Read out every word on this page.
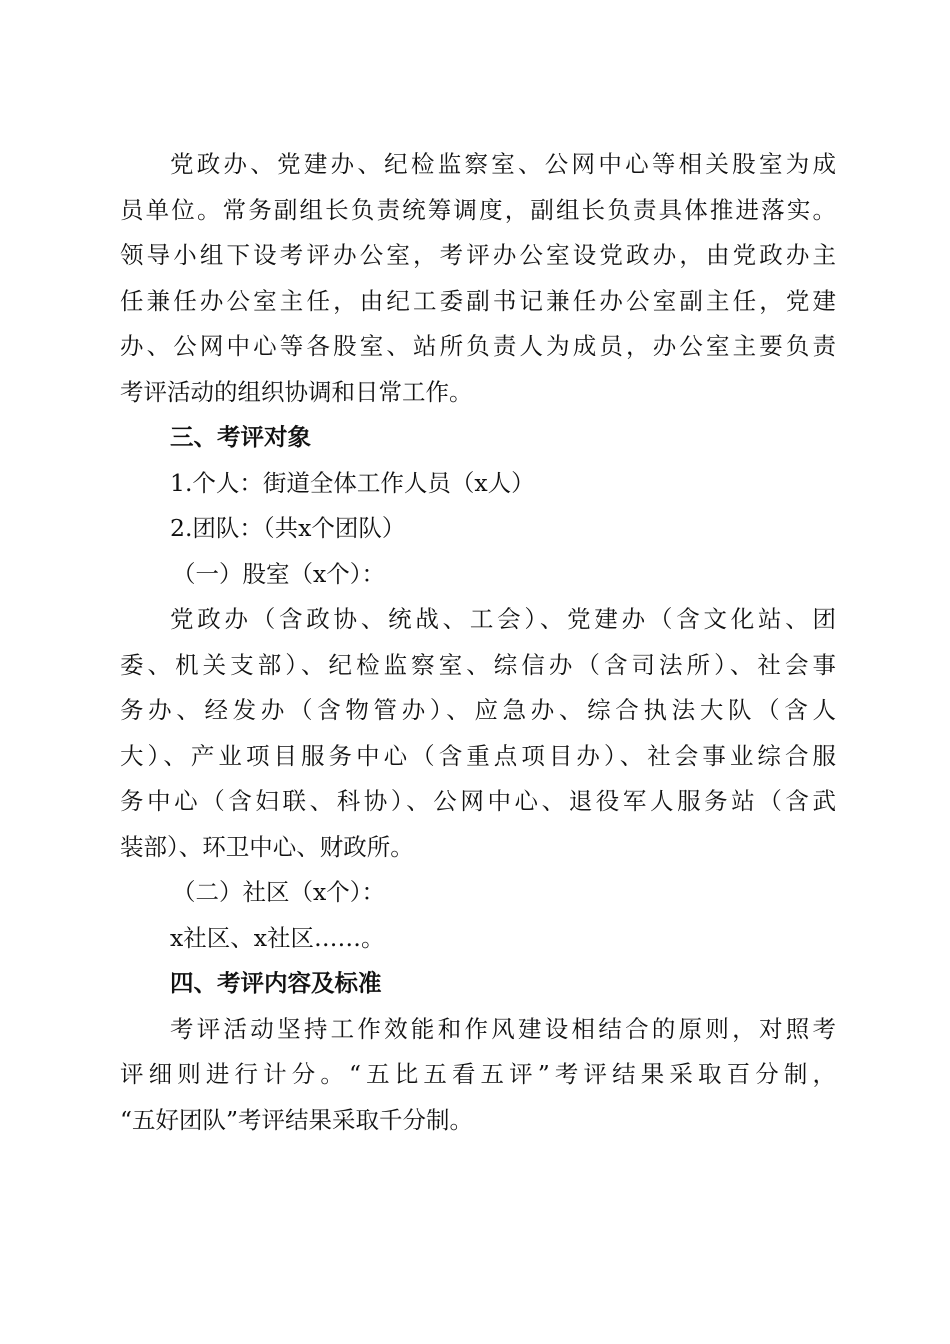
党政办、党建办、纪检监察室、公网中心等相关股室为成
员单位。常务副组长负责统筹调度，副组长负责具体推进落实。
领导小组下设考评办公室，考评办公室设党政办，由党政办主
任兼任办公室主任，由纪工委副书记兼任办公室副主任，党建
办、公网中心等各股室、站所负责人为成员，办公室主要负责
考评活动的组织协调和日常工作。
三、考评对象
1.个人：街道全体工作人员（x人）
2.团队：（共x个团队）
（一）股室（x个）：
党政办（含政协、统战、工会）、党建办（含文化站、团
委、机关支部）、纪检监察室、综信办（含司法所）、社会事
务办、经发办（含物管办）、应急办、综合执法大队（含人
大）、产业项目服务中心（含重点项目办）、社会事业综合服
务中心（含妇联、科协）、公网中心、退役军人服务站（含武
装部）、环卫中心、财政所。
（二）社区（x个）：
x社区、x社区……。
四、考评内容及标准
考评活动坚持工作效能和作风建设相结合的原则，对照考
评细则进行计分。“五比五看五评”考评结果采取百分制，
“五好团队”考评结果采取千分制。
